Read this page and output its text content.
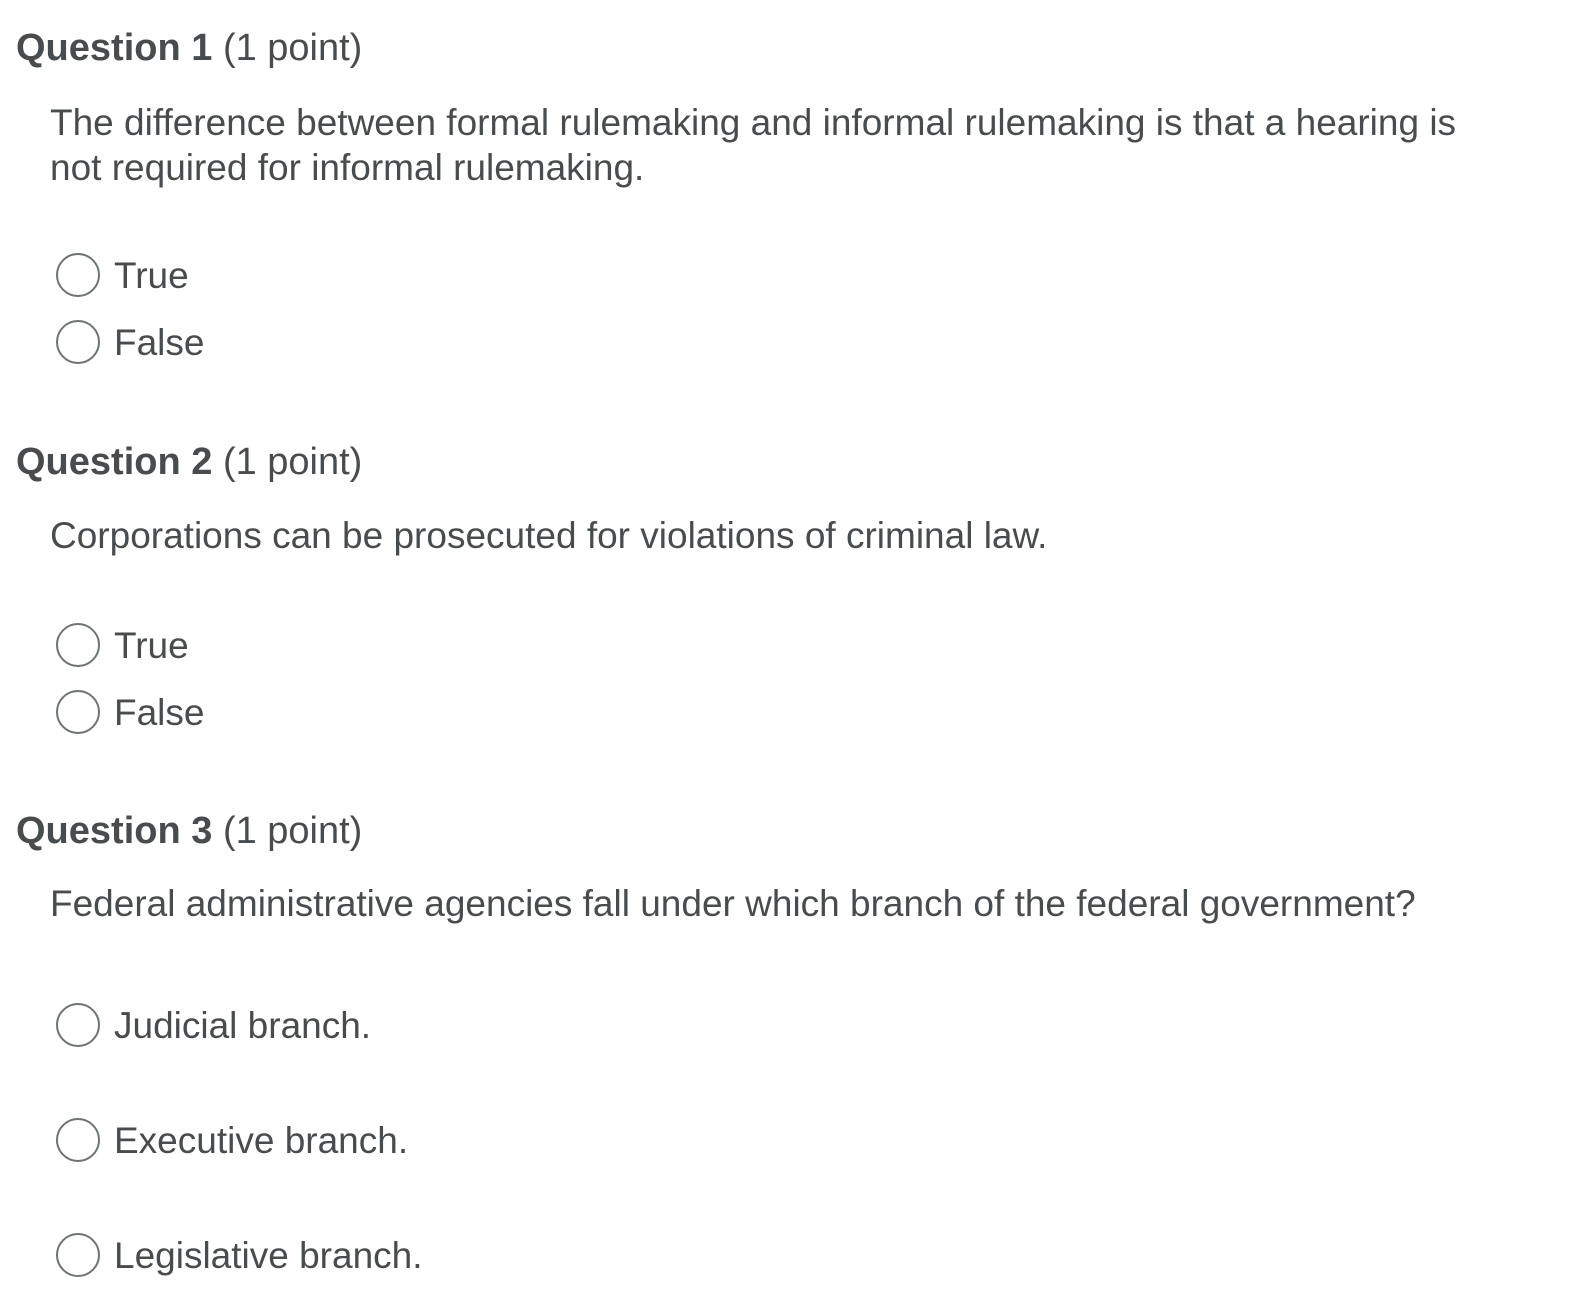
Question 1 (1 point)
The difference between formal rulemaking and informal rulemaking is that a hearing is not required for informal rulemaking.
True
False
Question 2 (1 point)
Corporations can be prosecuted for violations of criminal law.
True
False
Question 3 (1 point)
Federal administrative agencies fall under which branch of the federal government?
Judicial branch.
Executive branch.
Legislative branch.
